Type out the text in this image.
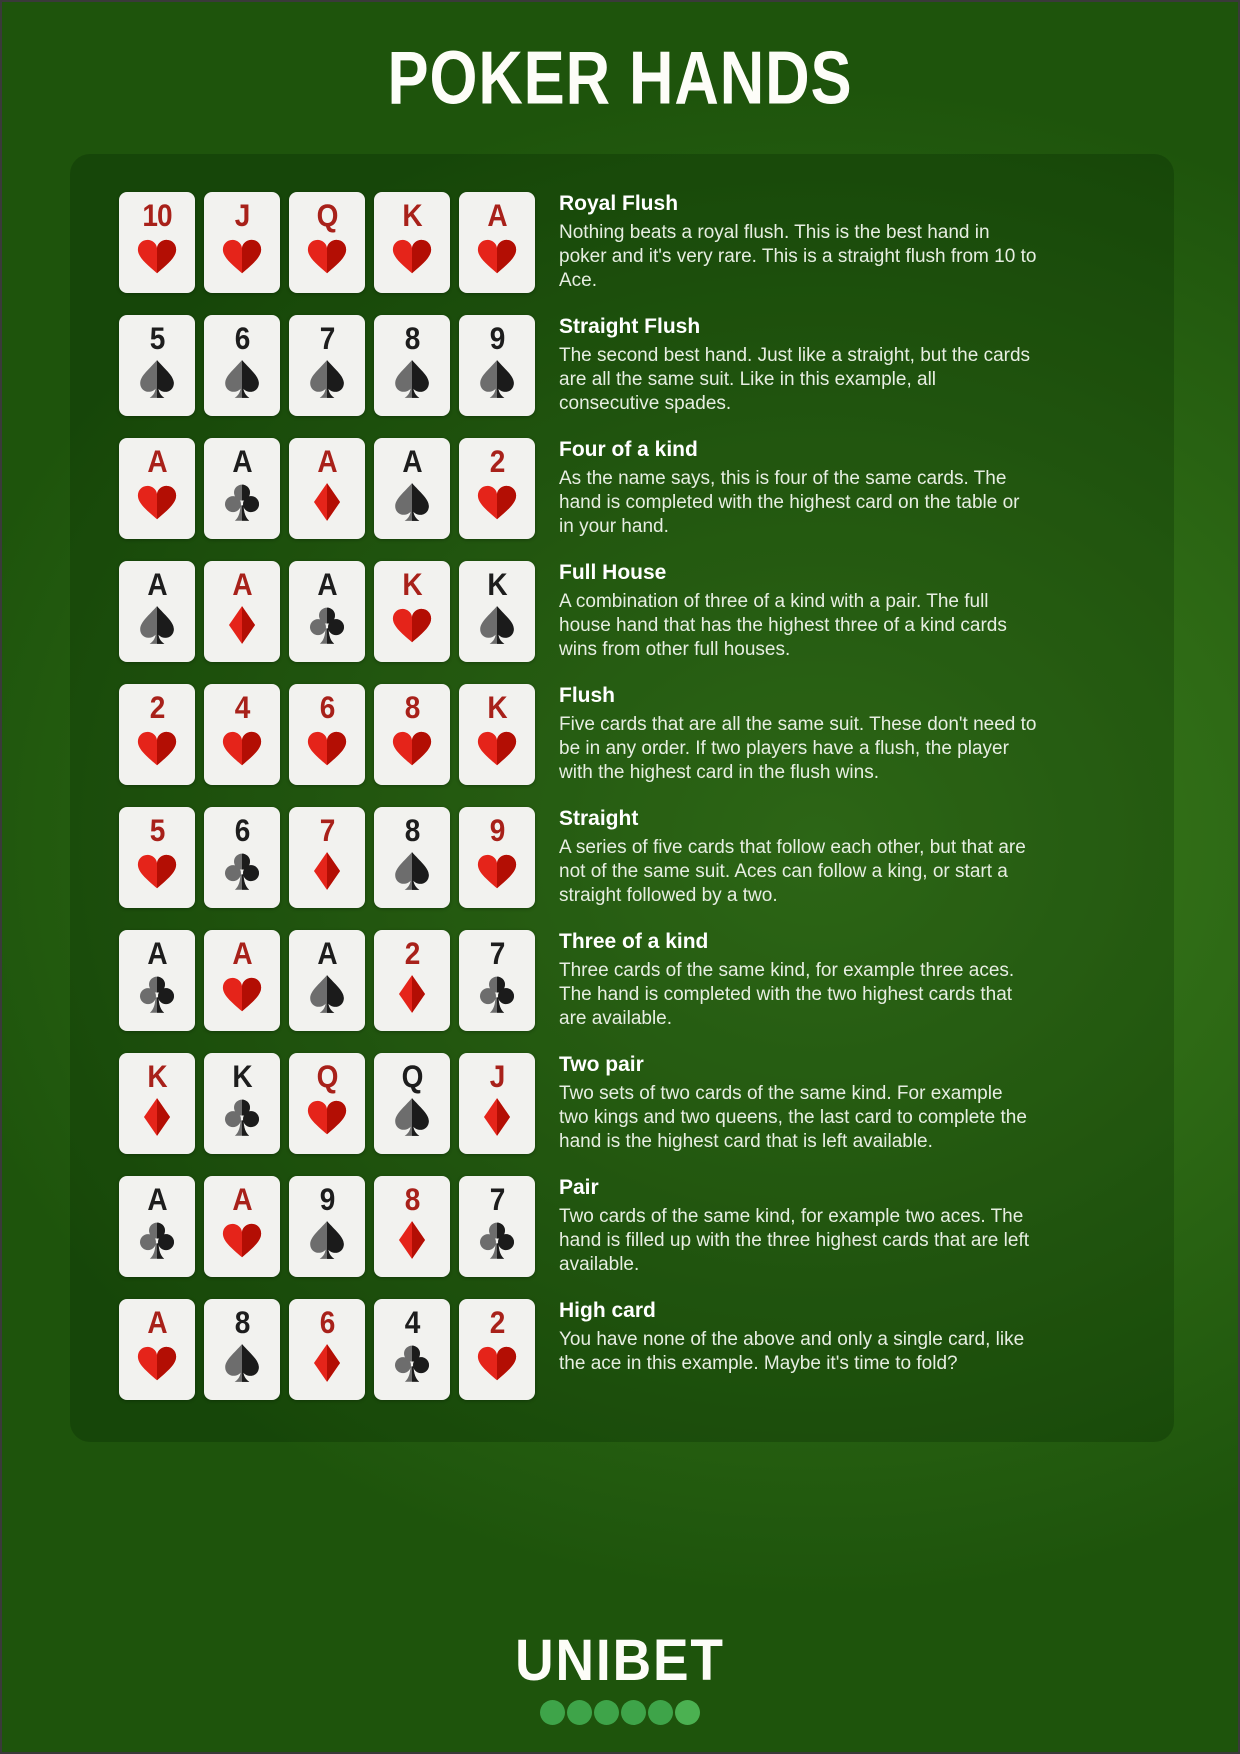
POKER HANDS
10 J Q K A Royal Flush

Nothing beats a royal flush. This is the best hand in poker and it's very rare. This is a straight flush from 10 to Ace.

5	6	7	8	9	Straight Flush

The second best hand. Just like a straight, but the cards are all the same suit. Like in this example, all consecutive spades.

A A A A 2	Four of a kind

As the name says, this is four of the same cards. The hand is completed with the highest card on the table or in your hand.

A A A K K Full House

A combination of three of a kind with a pair. The full house hand that has the highest three of a kind cards wins from other full houses.

2	4	6	8 K Flush

Five cards that are all the same suit. These don't need to be in any order. If two players have a flush, the player with the highest card in the flush wins.

5	6	7	8	9	Straight

A series of five cards that follow each other, but that are not of the same suit. Aces can follow a king, or start a straight followed by a two.

A A A 2	7	Three of a kind

Three cards of the same kind, for example three aces. The hand is completed with the two highest cards that are available.

K K Q Q J	Two pair

Two sets of two cards of the same kind. For example two kings and two queens, the last card to complete the hand is the highest card that is left available.

A A 9	8	7	Pair

Two cards of the same kind, for example two aces. The hand is filled up with the three highest cards that are left available.

A 8	6	4	2	High card

You have none of the above and only a single card, like the ace in this example. Maybe it's time to fold?

UNIBET
